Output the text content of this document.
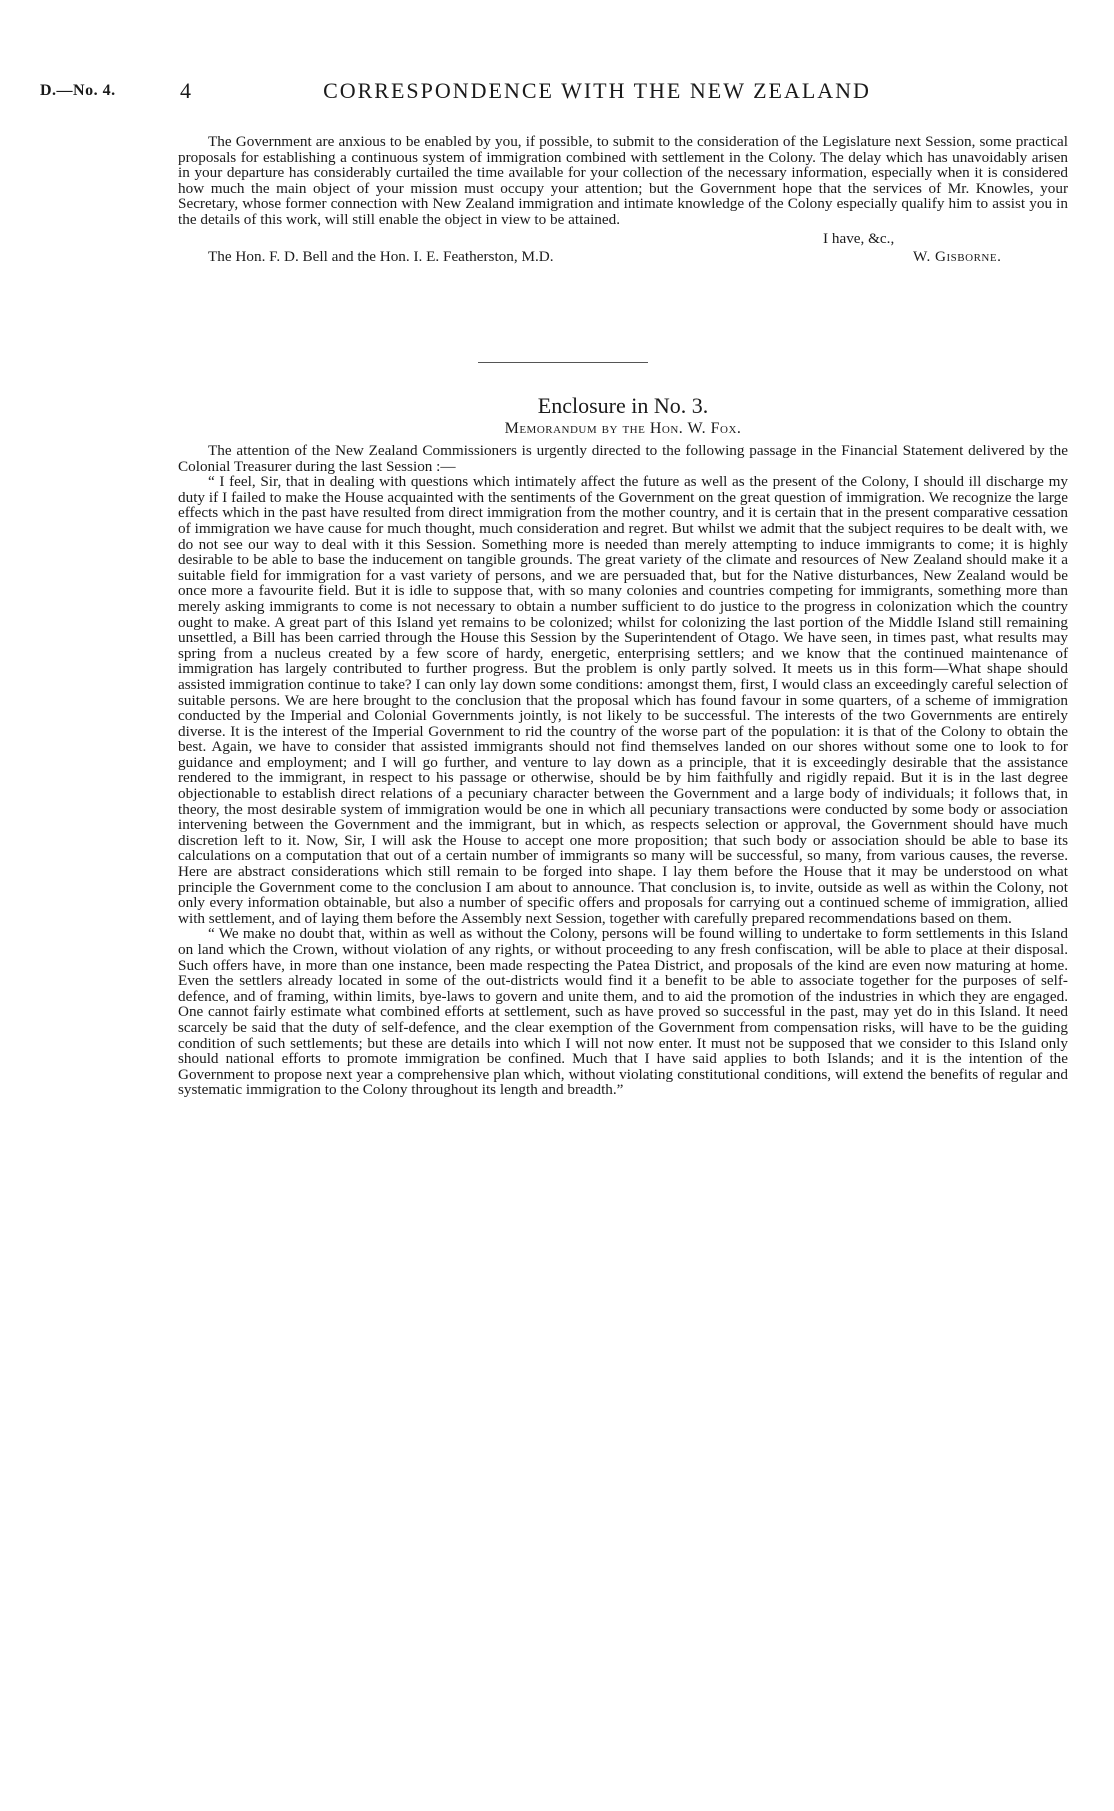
D.—No. 4.	4	CORRESPONDENCE WITH THE NEW ZEALAND

The Government are anxious to be enabled by you, if possible, to submit to the consideration of the Legislature next Session, some practical proposals for establishing a continuous system of immigration combined with settlement in the Colony. The delay which has unavoidably arisen in your departure has considerably curtailed the time available for your collection of the necessary information, especially when it is considered how much the main object of your mission must occupy your attention; but the Government hope that the services of Mr. Knowles, your Secretary, whose former connection with New Zealand immigration and intimate knowledge of the Colony especially qualify him to assist you in the details of this work, will still enable the object in view to be attained.

I have, &c.,
The Hon. F. D. Bell and the Hon. I. E. Featherston, M.D.	W. Gisborne.
Enclosure in No. 3.
Memorandum by the Hon. W. Fox.

The attention of the New Zealand Commissioners is urgently directed to the following passage in the Financial Statement delivered by the Colonial Treasurer during the last Session :—

“ I feel, Sir, that in dealing with questions which intimately affect the future as well as the present of the Colony, I should ill discharge my duty if I failed to make the House acquainted with the sentiments of the Government on the great question of immigration. We recognize the large effects which in the past have resulted from direct immigration from the mother country, and it is certain that in the present comparative cessation of immigration we have cause for much thought, much consideration and regret. But whilst we admit that the subject requires to be dealt with, we do not see our way to deal with it this Session. Something more is needed than merely attempting to induce immigrants to come; it is highly desirable to be able to base the inducement on tangible grounds. The great variety of the climate and resources of New Zealand should make it a suitable field for immigration for a vast variety of persons, and we are persuaded that, but for the Native disturbances, New Zealand would be once more a favourite field. But it is idle to suppose that, with so many colonies and countries competing for immigrants, something more than merely asking immigrants to come is not necessary to obtain a number sufficient to do justice to the progress in colonization which the country ought to make. A great part of this Island yet remains to be colonized; whilst for colonizing the last portion of the Middle Island still remaining unsettled, a Bill has been carried through the House this Session by the Superintendent of Otago. We have seen, in times past, what results may spring from a nucleus created by a few score of hardy, energetic, enterprising settlers; and we know that the continued maintenance of immigration has largely contributed to further progress. But the problem is only partly solved. It meets us in this form—What shape should assisted immigration continue to take? I can only lay down some conditions: amongst them, first, I would class an exceedingly careful selection of suitable persons. We are here brought to the conclusion that the proposal which has found favour in some quarters, of a scheme of immigration conducted by the Imperial and Colonial Governments jointly, is not likely to be successful. The interests of the two Governments are entirely diverse. It is the interest of the Imperial Government to rid the country of the worse part of the population: it is that of the Colony to obtain the best. Again, we have to consider that assisted immigrants should not find themselves landed on our shores without some one to look to for guidance and employment; and I will go further, and venture to lay down as a principle, that it is exceedingly desirable that the assistance rendered to the immigrant, in respect to his passage or otherwise, should be by him faithfully and rigidly repaid. But it is in the last degree objectionable to establish direct relations of a pecuniary character between the Government and a large body of individuals; it follows that, in theory, the most desirable system of immigration would be one in which all pecuniary transactions were conducted by some body or association intervening between the Government and the immigrant, but in which, as respects selection or approval, the Government should have much discretion left to it. Now, Sir, I will ask the House to accept one more proposition; that such body or association should be able to base its calculations on a computation that out of a certain number of immigrants so many will be successful, so many, from various causes, the reverse. Here are abstract considerations which still remain to be forged into shape. I lay them before the House that it may be understood on what principle the Government come to the conclusion I am about to announce. That conclusion is, to invite, outside as well as within the Colony, not only every information obtainable, but also a number of specific offers and proposals for carrying out a continued scheme of immigration, allied with settlement, and of laying them before the Assembly next Session, together with carefully prepared recommendations based on them.

“ We make no doubt that, within as well as without the Colony, persons will be found willing to undertake to form settlements in this Island on land which the Crown, without violation of any rights, or without proceeding to any fresh confiscation, will be able to place at their disposal. Such offers have, in more than one instance, been made respecting the Patea District, and proposals of the kind are even now maturing at home. Even the settlers already located in some of the out-districts would find it a benefit to be able to associate together for the purposes of self-defence, and of framing, within limits, bye-laws to govern and unite them, and to aid the promotion of the industries in which they are engaged. One cannot fairly estimate what combined efforts at settlement, such as have proved so successful in the past, may yet do in this Island. It need scarcely be said that the duty of self-defence, and the clear exemption of the Government from compensation risks, will have to be the guiding condition of such settlements; but these are details into which I will not now enter. It must not be supposed that we consider to this Island only should national efforts to promote immigration be confined. Much that I have said applies to both Islands; and it is the intention of the Government to propose next year a comprehensive plan which, without violating constitutional conditions, will extend the benefits of regular and systematic immigration to the Colony throughout its length and breadth.”
